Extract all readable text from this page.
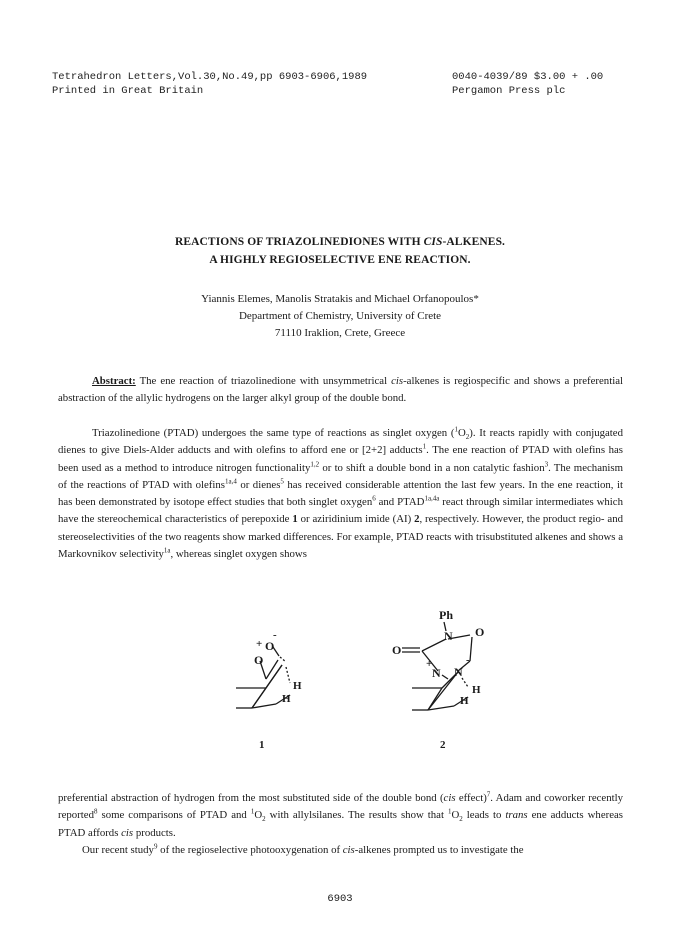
Tetrahedron Letters,Vol.30,No.49,pp 6903-6906,1989
Printed in Great Britain
0040-4039/89 $3.00 + .00
Pergamon Press plc
REACTIONS OF TRIAZOLINEDIONES WITH CIS-ALKENES.
A HIGHLY REGIOSELECTIVE ENE REACTION.
Yiannis Elemes, Manolis Stratakis and Michael Orfanopoulos*
Department of Chemistry, University of Crete
71110 Iraklion, Crete, Greece

Abstract: The ene reaction of triazolinedione with unsymmetrical cis-alkenes is regiospecific and shows a preferential abstraction of the allylic hydrogens on the larger alkyl group of the double bond.

Triazolinedione (PTAD) undergoes the same type of reactions as singlet oxygen $(^1O_2)$. It reacts rapidly with conjugated dienes to give Diels-Alder adducts and with olefins to afford ene or [2+2] adducts$^1$. The ene reaction of PTAD with olefins has been used as a method to introduce nitrogen functionality$^{1,2}$ or to shift a double bond in a non catalytic fashion$^3$. The mechanism of the reactions of PTAD with olefins$^{1a,4}$ or dienes$^5$ has received considerable attention the last few years. In the ene reaction, it has been demonstrated by isotope effect studies that both singlet oxygen$^6$ and $PTAD^{1a,4a}$ react through similar intermediates which have the stereochemical characteristics of perepoxide 1 or aziridinium imide (AI) 2, respectively. However, the product regio- and stereoselectivities of the two reagents show marked differences. For example, PTAD reacts with trisubstituted alkenes and shows a Markovnikov selectivity$^{1a}$, whereas singlet oxygen shows

O
O
+
-
H
H
1
Ph
N O
O
N N
+	-
H
H
2

preferential abstraction of hydrogen from the most substituted side of the double bond (cis effect)$^7$. Adam and coworker recently reported$^8$ some comparisons of PTAD and $^1O_2$ with allylsilanes. The results show that $^1O_2$ leads to trans ene adducts whereas PTAD affords cis products.

Our recent study$^9$ of the regioselective photooxygenation of cis-alkenes prompted us to investigate the

6903
